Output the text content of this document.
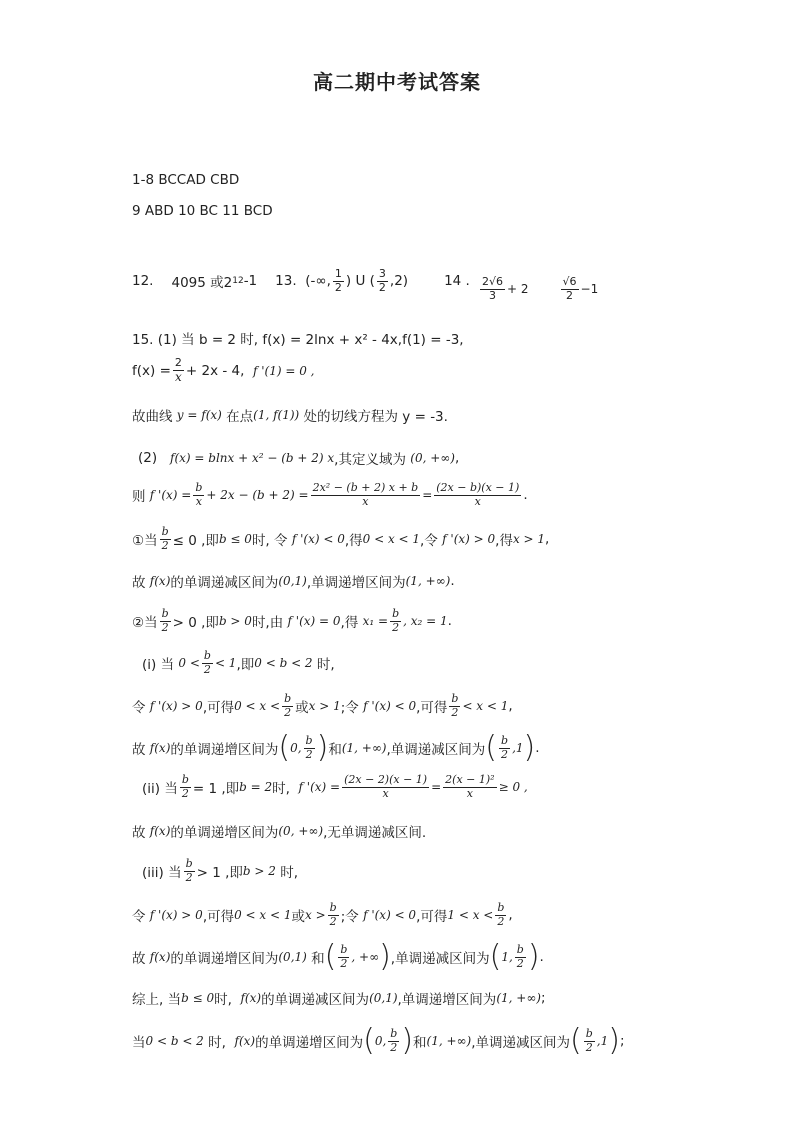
高二期中考试答案
1-8 BCCAD CBD
9 ABD 10 BC 11 BCD
12. 4095 或2 12 -1 13.
(-∞, $\frac{1}{2}$ ) U ( $\frac{3}{2} ,2$)	14 . $\frac{2√6}{3} + 2$	$\frac{√6}{2} -1$
15. (1) 当 b = 2 时, f(x) = 2lnx + x² - 4x,f(1) = -3,
$f(x) = \frac{2}{x} + 2x - 4$,
f '(1) = 0 ,
故曲线
y = f(x)
在点 (1, f(1))
处的切线方程为 y = -3.
(2)
f(x) = blnx + x² − (b + 2) x ,其定义域为
(0, +∞) ,
则
f '$(x) = \frac{b}{x} + 2x - (b + 2) = \frac{\text{2x² − (b + 2) x + b}}{x} = \frac{(2x - b)(x - 1)}{x}$ .
①当 $\frac{b}{2} \le 0$ ,即 b ≤ 0 时, 令
f '(x) < 0 ,得 0 < x < 1 ,令
f '(x) > 0 ,得 x > 1 ,
故
f(x) 的单调递减区间为 (0,1) ,单调递增区间为 (1, +∞) .
②当 $\frac{b}{2} > 0$ ,即 b > 0 时,由
f '(x) = 0 ,得
$x_1 = \frac{b}{2}$ , x₂ = 1 .
(i) 当
$0 < \frac{b}{2} < 1$ ,即 0 < b < 2
时,
令
f '(x) > 0 ,可得 $0 < x < \frac{b}{2}$ 或 x > 1 ;令
f '(x) < 0 ,可得 $\frac{b}{2} < x < 1$ ,
故
f(x) 的单调递增区间为 ( 0, $\frac{b}{2}$ ) 和 (1, +∞) ,单调递减区间为 ( $\frac{b}{2} ,1$ ) .
(ii) 当 $\frac{b}{2} = 1$ ,即 b = 2 时,
f '$(x) = \frac{(2x - 2)(x - 1)}{x} = \frac{\text{2(x − 1)²}}{x} \ge 0$ ,
故
f(x) 的单调递增区间为 (0, +∞) ,无单调递减区间.
(iii) 当 $\frac{b}{2} > 1$ ,即 b > 2
时,
令
f '(x) > 0 ,可得 0 < x < 1 或 $x > \frac{b}{2}$ ;令
f '(x) < 0 ,可得 $1 < x < \frac{b}{2}$ ,
故
f(x) 的单调递增区间为 (0,1)
和 ( $\frac{b}{2}$ , +∞ ) ,单调递减区间为 ( 1, $\frac{b}{2}$ ) .
综上, 当 b ≤ 0 时,
f(x) 的单调递减区间为 (0,1) ,单调递增区间为 (1, +∞) ;
当 0 < b < 2
时,
f(x) 的单调递增区间为 ( 0, $\frac{b}{2}$ ) 和 (1, +∞) ,单调递减区间为 ( $\frac{b}{2} ,1$ ) ;
